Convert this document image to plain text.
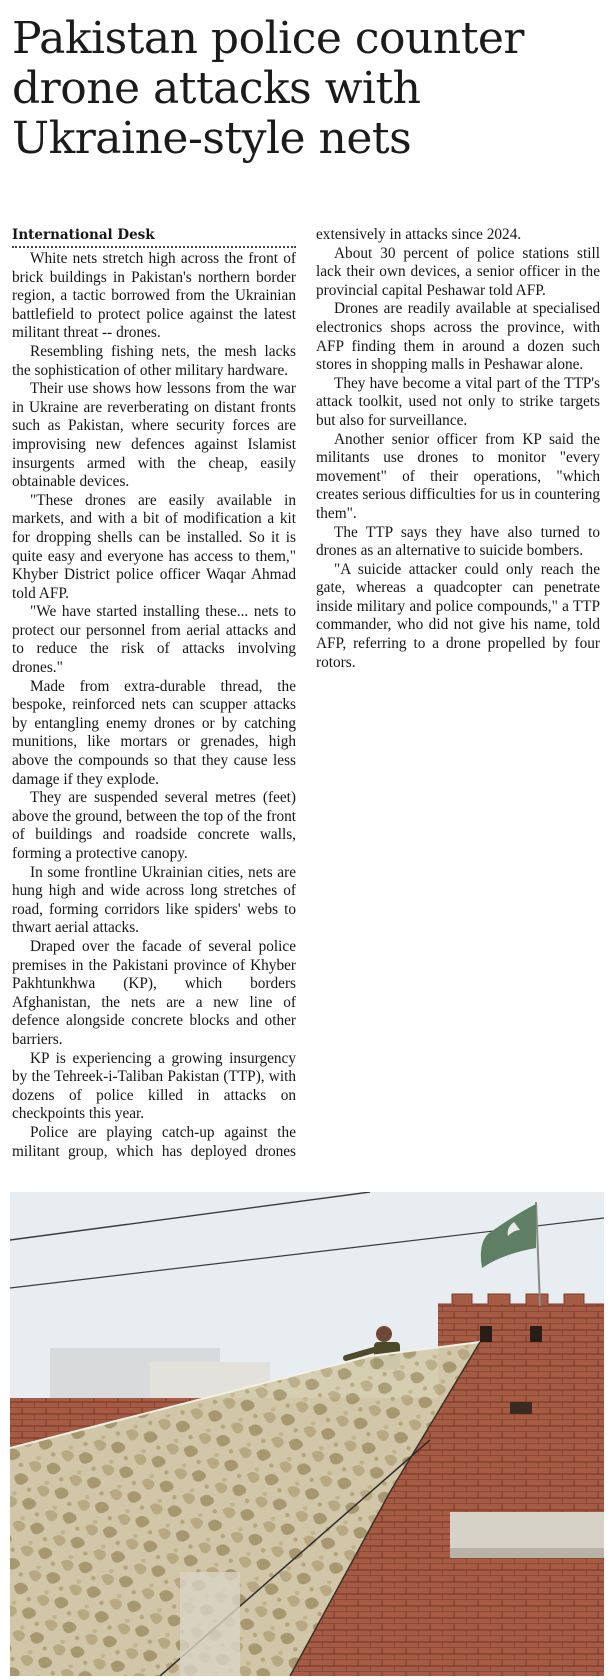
Pakistan police counter drone attacks with Ukraine-style nets
International Desk

White nets stretch high across the front of brick buildings in Pakistan's northern border region, a tactic borrowed from the Ukrainian battlefield to protect police against the latest militant threat -- drones.

Resembling fishing nets, the mesh lacks the sophistication of other military hardware.

Their use shows how lessons from the war in Ukraine are reverberating on distant fronts such as Pakistan, where security forces are improvising new defences against Islamist insurgents armed with the cheap, easily obtainable devices.

"These drones are easily available in markets, and with a bit of modification a kit for dropping shells can be installed. So it is quite easy and everyone has access to them," Khyber District police officer Waqar Ahmad told AFP.

"We have started installing these... nets to protect our personnel from aerial attacks and to reduce the risk of attacks involving drones."

Made from extra-durable thread, the bespoke, reinforced nets can scupper attacks by entangling enemy drones or by catching munitions, like mortars or grenades, high above the compounds so that they cause less damage if they explode.

They are suspended several metres (feet) above the ground, between the top of the front of buildings and roadside concrete walls, forming a protective canopy.

In some frontline Ukrainian cities, nets are hung high and wide across long stretches of road, forming corridors like spiders' webs to thwart aerial attacks.

Draped over the facade of several police premises in the Pakistani province of Khyber Pakhtunkhwa (KP), which borders Afghanistan, the nets are a new line of defence alongside concrete blocks and other barriers.

KP is experiencing a growing insurgency by the Tehreek-i-Taliban Pakistan (TTP), with dozens of police killed in attacks on checkpoints this year.

Police are playing catch-up against the militant group, which has deployed drones extensively in attacks since 2024.

About 30 percent of police stations still lack their own devices, a senior officer in the provincial capital Peshawar told AFP.

Drones are readily available at specialised electronics shops across the province, with AFP finding them in around a dozen such stores in shopping malls in Peshawar alone.

They have become a vital part of the TTP's attack toolkit, used not only to strike targets but also for surveillance.

Another senior officer from KP said the militants use drones to monitor "every movement" of their operations, "which creates serious difficulties for us in countering them".

The TTP says they have also turned to drones as an alternative to suicide bombers.

"A suicide attacker could only reach the gate, whereas a quadcopter can penetrate inside military and police compounds," a TTP commander, who did not give his name, told AFP, referring to a drone propelled by four rotors.
